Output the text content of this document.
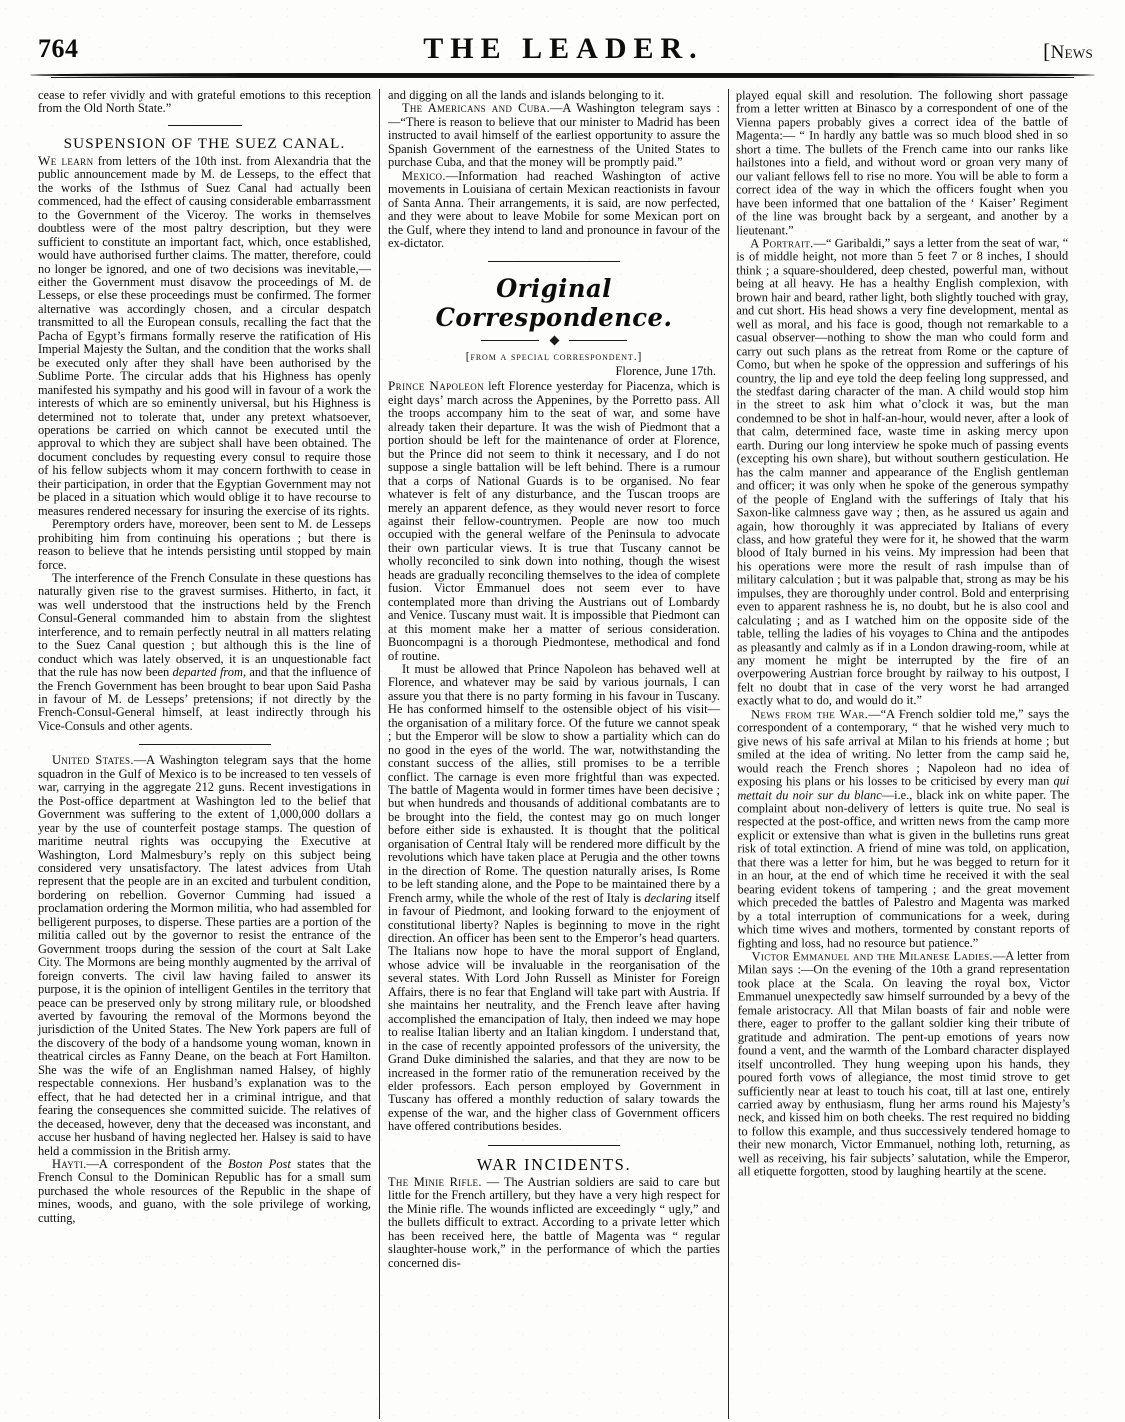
764	THE LEADER.	[News

cease to refer vividly and with grateful emotions to this reception from the Old North State.”

SUSPENSION OF THE SUEZ CANAL.

We learn from letters of the 10th inst. from Alexandria that the public announcement made by M. de Lesseps, to the effect that the works of the Isthmus of Suez Canal had actually been commenced, had the effect of causing considerable embarrassment to the Government of the Viceroy. The works in themselves doubtless were of the most paltry description, but they were sufficient to constitute an important fact, which, once established, would have authorised further claims. The matter, therefore, could no longer be ignored, and one of two decisions was inevitable,—either the Government must disavow the proceedings of M. de Lesseps, or else these proceedings must be confirmed. The former alternative was accordingly chosen, and a circular despatch transmitted to all the European consuls, recalling the fact that the Pacha of Egypt’s firmans formally reserve the ratification of His Imperial Majesty the Sultan, and the condition that the works shall be executed only after they shall have been authorised by the Sublime Porte. The circular adds that his Highness has openly manifested his sympathy and his good will in favour of a work the interests of which are so eminently universal, but his Highness is determined not to tolerate that, under any pretext whatsoever, operations be carried on which cannot be executed until the approval to which they are subject shall have been obtained. The document concludes by requesting every consul to require those of his fellow subjects whom it may concern forthwith to cease in their participation, in order that the Egyptian Government may not be placed in a situation which would oblige it to have recourse to measures rendered necessary for insuring the exercise of its rights.

Peremptory orders have, moreover, been sent to M. de Lesseps prohibiting him from continuing his operations ; but there is reason to believe that he intends persisting until stopped by main force.

The interference of the French Consulate in these questions has naturally given rise to the gravest surmises. Hitherto, in fact, it was well understood that the instructions held by the French Consul-General commanded him to abstain from the slightest interference, and to remain perfectly neutral in all matters relating to the Suez Canal question ; but although this is the line of conduct which was lately observed, it is an unquestionable fact that the rule has now been departed from, and that the influence of the French Government has been brought to bear upon Said Pasha in favour of M. de Lesseps’ pretensions; if not directly by the French-Consul-General himself, at least indirectly through his Vice-Consuls and other agents.

United States.—A Washington telegram says that the home squadron in the Gulf of Mexico is to be increased to ten vessels of war, carrying in the aggregate 212 guns. Recent investigations in the Post-office department at Washington led to the belief that Government was suffering to the extent of 1,000,000 dollars a year by the use of counterfeit postage stamps. The question of maritime neutral rights was occupying the Executive at Washington, Lord Malmesbury’s reply on this subject being considered very unsatisfactory. The latest advices from Utah represent that the people are in an excited and turbulent condition, bordering on rebellion. Governor Cumming had issued a proclamation ordering the Mormon militia, who had assembled for belligerent purposes, to disperse. These parties are a portion of the militia called out by the governor to resist the entrance of the Government troops during the session of the court at Salt Lake City. The Mormons are being monthly augmented by the arrival of foreign converts. The civil law having failed to answer its purpose, it is the opinion of intelligent Gentiles in the territory that peace can be preserved only by strong military rule, or bloodshed averted by favouring the removal of the Mormons beyond the jurisdiction of the United States. The New York papers are full of the discovery of the body of a handsome young woman, known in theatrical circles as Fanny Deane, on the beach at Fort Hamilton. She was the wife of an Englishman named Halsey, of highly respectable connexions. Her husband’s explanation was to the effect, that he had detected her in a criminal intrigue, and that fearing the consequences she committed suicide. The relatives of the deceased, however, deny that the deceased was inconstant, and accuse her husband of having neglected her. Halsey is said to have held a commission in the British army.

Hayti.—A correspondent of the Boston Post states that the French Consul to the Dominican Republic has for a small sum purchased the whole resources of the Republic in the shape of mines, woods, and guano, with the sole privilege of working, cutting,

and digging on all the lands and islands belonging to it.

The Americans and Cuba.—A Washington telegram says :—“There is reason to believe that our minister to Madrid has been instructed to avail himself of the earliest opportunity to assure the Spanish Government of the earnestness of the United States to purchase Cuba, and that the money will be promptly paid.”

Mexico.—Information had reached Washington of active movements in Louisiana of certain Mexican reactionists in favour of Santa Anna. Their arrangements, it is said, are now perfected, and they were about to leave Mobile for some Mexican port on the Gulf, where they intend to land and pronounce in favour of the ex-dictator.

Original Correspondence.

[from a special correspondent.]

Florence, June 17th.

Prince Napoleon left Florence yesterday for Piacenza, which is eight days’ march across the Appenines, by the Porretto pass. All the troops accompany him to the seat of war, and some have already taken their departure. It was the wish of Piedmont that a portion should be left for the maintenance of order at Florence, but the Prince did not seem to think it necessary, and I do not suppose a single battalion will be left behind. There is a rumour that a corps of National Guards is to be organised. No fear whatever is felt of any disturbance, and the Tuscan troops are merely an apparent defence, as they would never resort to force against their fellow-countrymen. People are now too much occupied with the general welfare of the Peninsula to advocate their own particular views. It is true that Tuscany cannot be wholly reconciled to sink down into nothing, though the wisest heads are gradually reconciling themselves to the idea of complete fusion. Victor Emmanuel does not seem ever to have contemplated more than driving the Austrians out of Lombardy and Venice. Tuscany must wait. It is impossible that Piedmont can at this moment make her a matter of serious consideration. Buoncompagni is a thorough Piedmontese, methodical and fond of routine.

It must be allowed that Prince Napoleon has behaved well at Florence, and whatever may be said by various journals, I can assure you that there is no party forming in his favour in Tuscany. He has conformed himself to the ostensible object of his visit—the organisation of a military force. Of the future we cannot speak ; but the Emperor will be slow to show a partiality which can do no good in the eyes of the world. The war, notwithstanding the constant success of the allies, still promises to be a terrible conflict. The carnage is even more frightful than was expected. The battle of Magenta would in former times have been decisive ; but when hundreds and thousands of additional combatants are to be brought into the field, the contest may go on much longer before either side is exhausted. It is thought that the political organisation of Central Italy will be rendered more difficult by the revolutions which have taken place at Perugia and the other towns in the direction of Rome. The question naturally arises, Is Rome to be left standing alone, and the Pope to be maintained there by a French army, while the whole of the rest of Italy is declaring itself in favour of Piedmont, and looking forward to the enjoyment of constitutional liberty? Naples is beginning to move in the right direction. An officer has been sent to the Emperor’s head quarters. The Italians now hope to have the moral support of England, whose advice will be invaluable in the reorganisation of the several states. With Lord John Russell as Minister for Foreign Affairs, there is no fear that England will take part with Austria. If she maintains her neutrality, and the French leave after having accomplished the emancipation of Italy, then indeed we may hope to realise Italian liberty and an Italian kingdom. I understand that, in the case of recently appointed professors of the university, the Grand Duke diminished the salaries, and that they are now to be increased in the former ratio of the remuneration received by the elder professors. Each person employed by Government in Tuscany has offered a monthly reduction of salary towards the expense of the war, and the higher class of Government officers have offered contributions besides.

WAR INCIDENTS.

The Minie Rifle. — The Austrian soldiers are said to care but little for the French artillery, but they have a very high respect for the Minie rifle. The wounds inflicted are exceedingly “ ugly,” and the bullets difficult to extract. According to a private letter which has been received here, the battle of Magenta was “ regular slaughter-house work,” in the performance of which the parties concerned dis-

played equal skill and resolution. The following short passage from a letter written at Binasco by a correspondent of one of the Vienna papers probably gives a correct idea of the battle of Magenta:— “ In hardly any battle was so much blood shed in so short a time. The bullets of the French came into our ranks like hailstones into a field, and without word or groan very many of our valiant fellows fell to rise no more. You will be able to form a correct idea of the way in which the officers fought when you have been informed that one battalion of the ‘ Kaiser’ Regiment of the line was brought back by a sergeant, and another by a lieutenant.”

A Portrait.—“ Garibaldi,” says a letter from the seat of war, “ is of middle height, not more than 5 feet 7 or 8 inches, I should think ; a square-shouldered, deep chested, powerful man, without being at all heavy. He has a healthy English complexion, with brown hair and beard, rather light, both slightly touched with gray, and cut short. His head shows a very fine development, mental as well as moral, and his face is good, though not remarkable to a casual observer—nothing to show the man who could form and carry out such plans as the retreat from Rome or the capture of Como, but when he spoke of the oppression and sufferings of his country, the lip and eye told the deep feeling long suppressed, and the stedfast daring character of the man. A child would stop him in the street to ask him what o’clock it was, but the man condemned to be shot in half-an-hour, would never, after a look of that calm, determined face, waste time in asking mercy upon earth. During our long interview he spoke much of passing events (excepting his own share), but without southern gesticulation. He has the calm manner and appearance of the English gentleman and officer; it was only when he spoke of the generous sympathy of the people of England with the sufferings of Italy that his Saxon-like calmness gave way ; then, as he assured us again and again, how thoroughly it was appreciated by Italians of every class, and how grateful they were for it, he showed that the warm blood of Italy burned in his veins. My impression had been that his operations were more the result of rash impulse than of military calculation ; but it was palpable that, strong as may be his impulses, they are thoroughly under control. Bold and enterprising even to apparent rashness he is, no doubt, but he is also cool and calculating ; and as I watched him on the opposite side of the table, telling the ladies of his voyages to China and the antipodes as pleasantly and calmly as if in a London drawing-room, while at any moment he might be interrupted by the fire of an overpowering Austrian force brought by railway to his outpost, I felt no doubt that in case of the very worst he had arranged exactly what to do, and would do it.”

News from the War.—“A French soldier told me,” says the correspondent of a contemporary, “ that he wished very much to give news of his safe arrival at Milan to his friends at home ; but smiled at the idea of writing. No letter from the camp said he, would reach the French shores ; Napoleon had no idea of exposing his plans or his losses to be criticised by every man qui mettait du noir sur du blanc—i.e., black ink on white paper. The complaint about non-delivery of letters is quite true. No seal is respected at the post-office, and written news from the camp more explicit or extensive than what is given in the bulletins runs great risk of total extinction. A friend of mine was told, on application, that there was a letter for him, but he was begged to return for it in an hour, at the end of which time he received it with the seal bearing evident tokens of tampering ; and the great movement which preceded the battles of Palestro and Magenta was marked by a total interruption of communications for a week, during which time wives and mothers, tormented by constant reports of fighting and loss, had no resource but patience.”

Victor Emmanuel and the Milanese Ladies.—A letter from Milan says :—On the evening of the 10th a grand representation took place at the Scala. On leaving the royal box, Victor Emmanuel unexpectedly saw himself surrounded by a bevy of the female aristocracy. All that Milan boasts of fair and noble were there, eager to proffer to the gallant soldier king their tribute of gratitude and admiration. The pent-up emotions of years now found a vent, and the warmth of the Lombard character displayed itself uncontrolled. They hung weeping upon his hands, they poured forth vows of allegiance, the most timid strove to get sufficiently near at least to touch his coat, till at last one, entirely carried away by enthusiasm, flung her arms round his Majesty’s neck, and kissed him on both cheeks. The rest required no bidding to follow this example, and thus successively tendered homage to their new monarch, Victor Emmanuel, nothing loth, returning, as well as receiving, his fair subjects’ salutation, while the Emperor, all etiquette forgotten, stood by laughing heartily at the scene.
